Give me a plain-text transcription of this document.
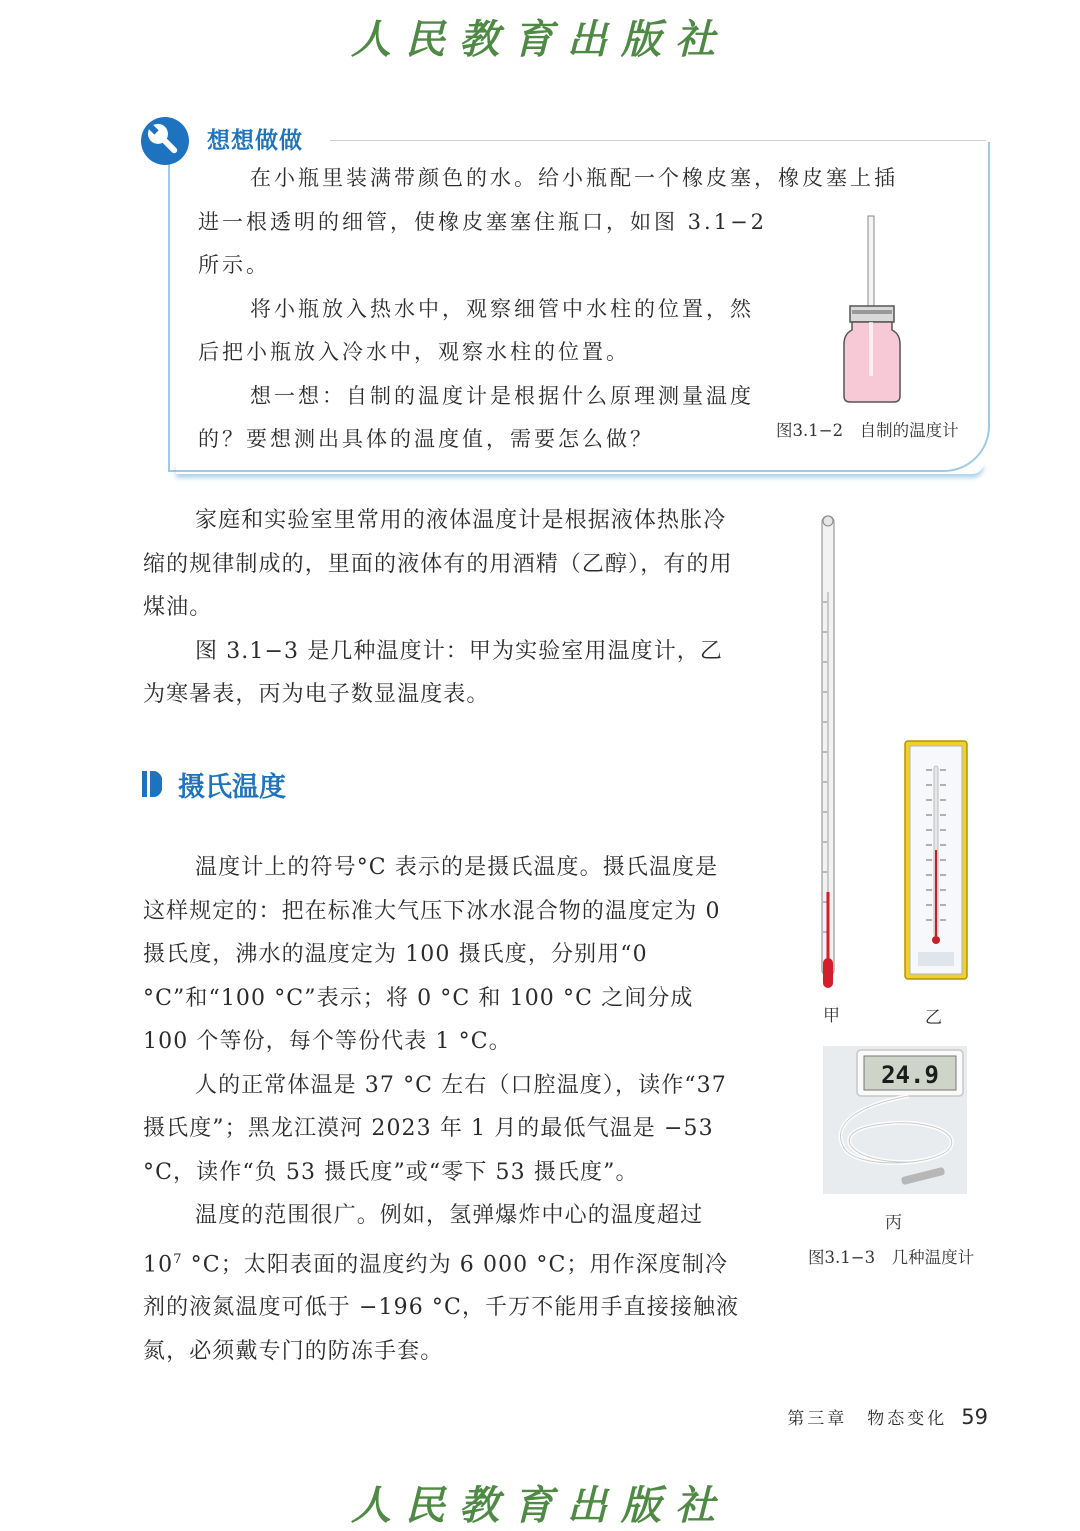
人民教育出版社
想想做做

在小瓶里装满带颜色的水。给小瓶配一个橡皮塞，橡皮塞上插

进一根透明的细管，使橡皮塞塞住瓶口，如图 3.1−2

所示。

将小瓶放入热水中，观察细管中水柱的位置，然后把小瓶放入冷水中，观察水柱的位置。

想一想：自制的温度计是根据什么原理测量温度的？要想测出具体的温度值，需要怎么做？	图3.1−2　自制的温度计

家庭和实验室里常用的液体温度计是根据液体热胀冷缩的规律制成的，里面的液体有的用酒精（乙醇），有的用煤油。

图 3.1−3 是几种温度计：甲为实验室用温度计，乙为寒暑表，丙为电子数显温度表。

摄氏温度

温度计上的符号°C 表示的是摄氏温度。摄氏温度是这样规定的：把在标准大气压下冰水混合物的温度定为 0 摄氏度，沸水的温度定为 100 摄氏度，分别用“0 °C”和“100 °C”表示；将 0 °C 和 100 °C 之间分成 100 个等份，每个等份代表 1 °C。

人的正常体温是 37 °C 左右（口腔温度），读作“37 摄氏度”；黑龙江漠河 2023 年 1 月的最低气温是 −53 °C，读作“负 53 摄氏度”或“零下 53 摄氏度”。

温度的范围很广。例如，氢弹爆炸中心的温度超过 $10^7$ °C；太阳表面的温度约为 6 000 °C；用作深度制冷剂的液氮温度可低于 −196 °C，千万不能用手直接接触液氮，必须戴专门的防冻手套。

甲	乙
24.9
丙
图3.1−3　几种温度计
第三章　物态变化 59
人民教育出版社
